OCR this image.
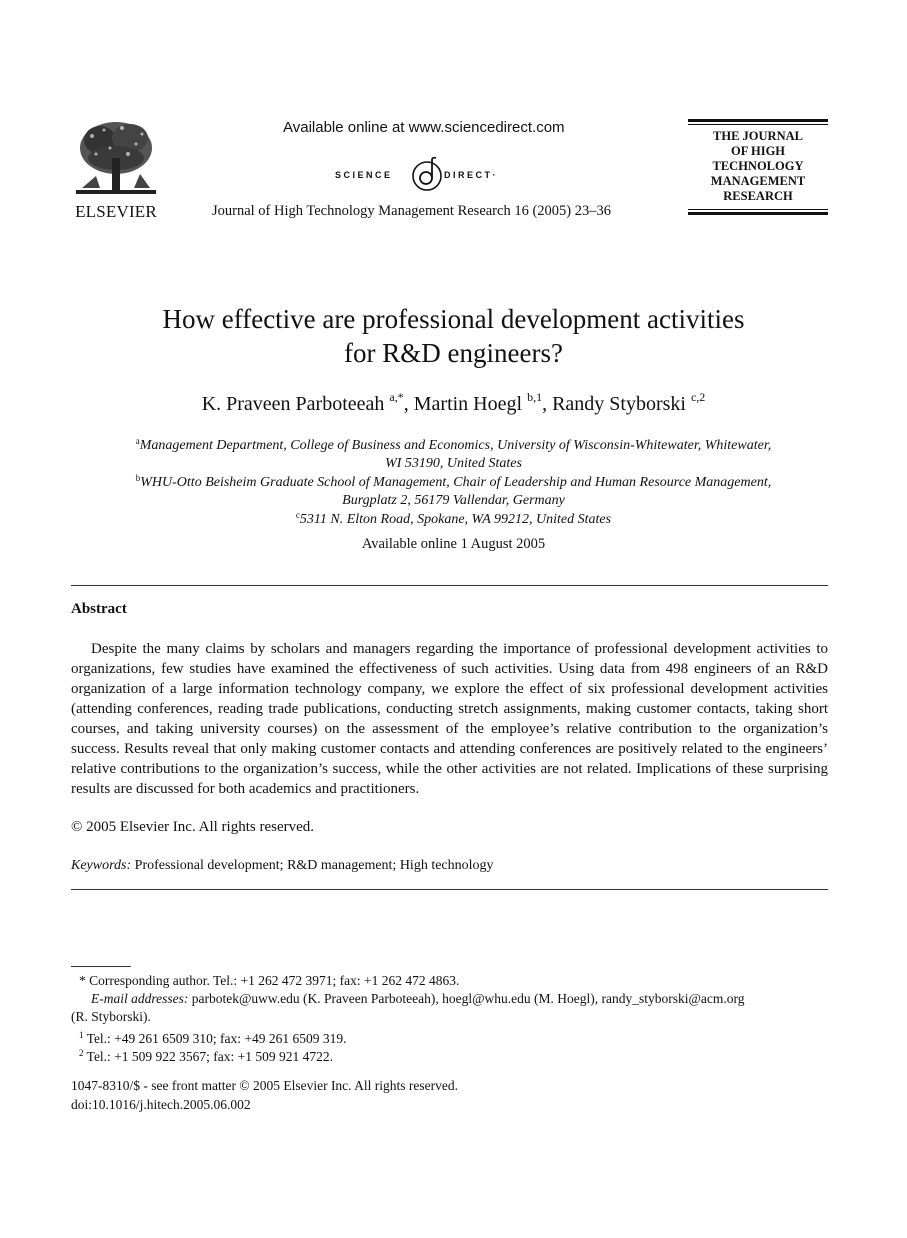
ELSEVIER
Available online at www.sciencedirect.com
SCIENCE	DIRECT·
Journal of High Technology Management Research 16 (2005) 23–36
THE JOURNAL
OF HIGH
TECHNOLOGY
MANAGEMENT
RESEARCH
How effective are professional development activities
for R&D engineers?
K. Praveen Parboteeah $^{a,*}$, Martin Hoegl $^{b,1}$, Randy Styborski $^{c,2}$
$^a$Management Department, College of Business and Economics, University of Wisconsin-Whitewater, Whitewater,
WI 53190, United States
$^b$WHU-Otto Beisheim Graduate School of Management, Chair of Leadership and Human Resource Management,
Burgplatz 2, 56179 Vallendar, Germany
$^c$5311 N. Elton Road, Spokane, WA 99212, United States
Available online 1 August 2005
Abstract

Despite the many claims by scholars and managers regarding the importance of professional development activities to organizations, few studies have examined the effectiveness of such activities. Using data from 498 engineers of an R&D organization of a large information technology company, we explore the effect of six professional development activities (attending conferences, reading trade publications, conducting stretch assignments, making customer contacts, taking short courses, and taking university courses) on the assessment of the employee’s relative contribution to the organization’s success. Results reveal that only making customer contacts and attending conferences are positively related to the engineers’ relative contributions to the organization’s success, while the other activities are not related. Implications of these surprising results are discussed for both academics and practitioners.

© 2005 Elsevier Inc. All rights reserved.
Keywords: Professional development; R&D management; High technology
* Corresponding author. Tel.: +1 262 472 3971; fax: +1 262 472 4863.
E-mail addresses: parbotek@uww.edu (K. Praveen Parboteeah), hoegl@whu.edu (M. Hoegl), randy_styborski@acm.org
(R. Styborski).
$^1$ Tel.: +49 261 6509 310; fax: +49 261 6509 319.
$^2$ Tel.: +1 509 922 3567; fax: +1 509 921 4722.
1047-8310/$ - see front matter © 2005 Elsevier Inc. All rights reserved.
doi:10.1016/j.hitech.2005.06.002
